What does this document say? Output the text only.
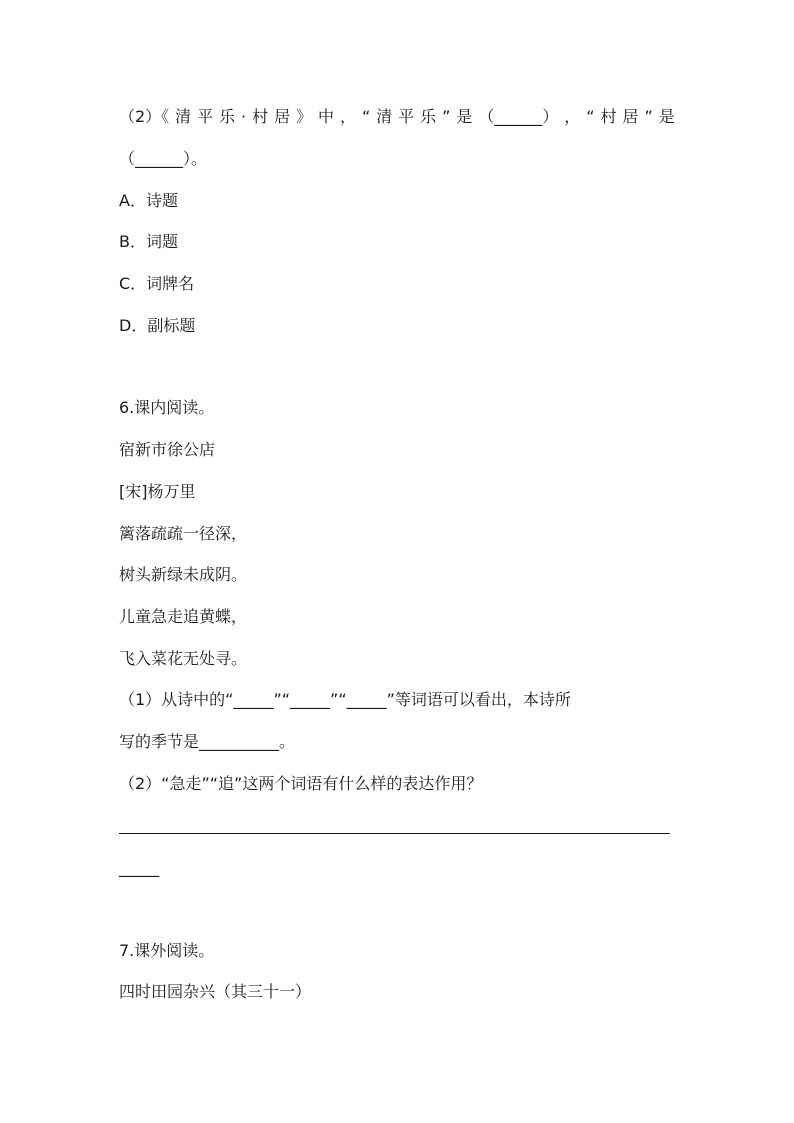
（2）《 清 平 乐 · 村 居 》 中 ， “ 清 平 乐 ” 是 （______） ， “ 村 居 ” 是
（______）。
A．诗题
B．词题
C．词牌名
D．副标题
6.课内阅读。
宿新市徐公店
[宋]杨万里
篱落疏疏一径深，
树头新绿未成阴。
儿童急走追黄蝶，
飞入菜花无处寻。
（1）从诗中的“_____”“_____”“_____”等词语可以看出，本诗所
写的季节是__________。
（2）“急走”“追”这两个词语有什么样的表达作用？
_____
7.课外阅读。
四时田园杂兴（其三十一）
